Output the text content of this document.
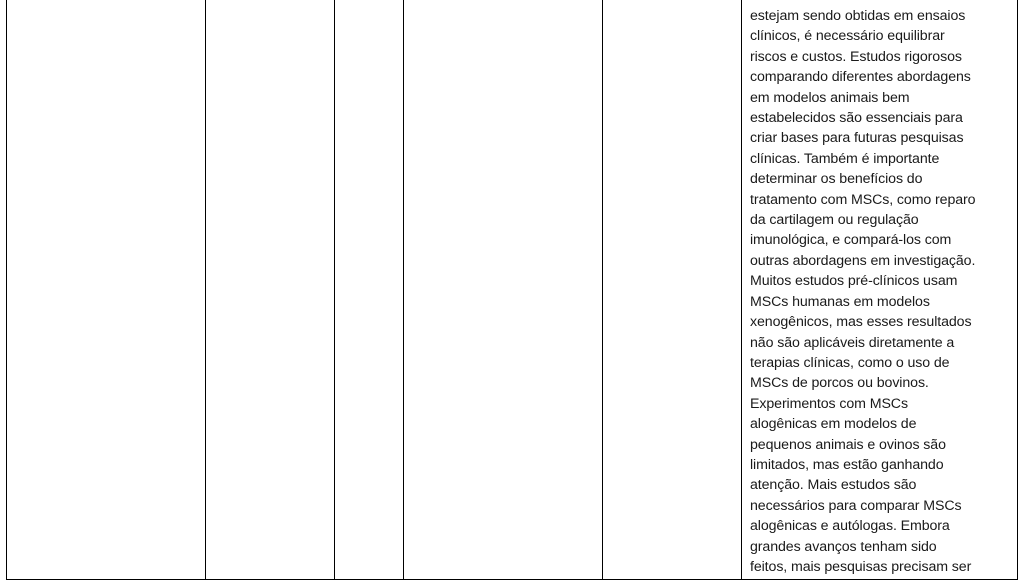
estejam sendo obtidas em ensaios
clínicos, é necessário equilibrar
riscos e custos. Estudos rigorosos
comparando diferentes abordagens
em modelos animais bem
estabelecidos são essenciais para
criar bases para futuras pesquisas
clínicas. Também é importante
determinar os benefícios do
tratamento com MSCs, como reparo
da cartilagem ou regulação
imunológica, e compará-los com
outras abordagens em investigação.
Muitos estudos pré-clínicos usam
MSCs humanas em modelos
xenogênicos, mas esses resultados
não são aplicáveis diretamente a
terapias clínicas, como o uso de
MSCs de porcos ou bovinos.
Experimentos com MSCs
alogênicas em modelos de
pequenos animais e ovinos são
limitados, mas estão ganhando
atenção. Mais estudos são
necessários para comparar MSCs
alogênicas e autólogas. Embora
grandes avanços tenham sido
feitos, mais pesquisas precisam ser
